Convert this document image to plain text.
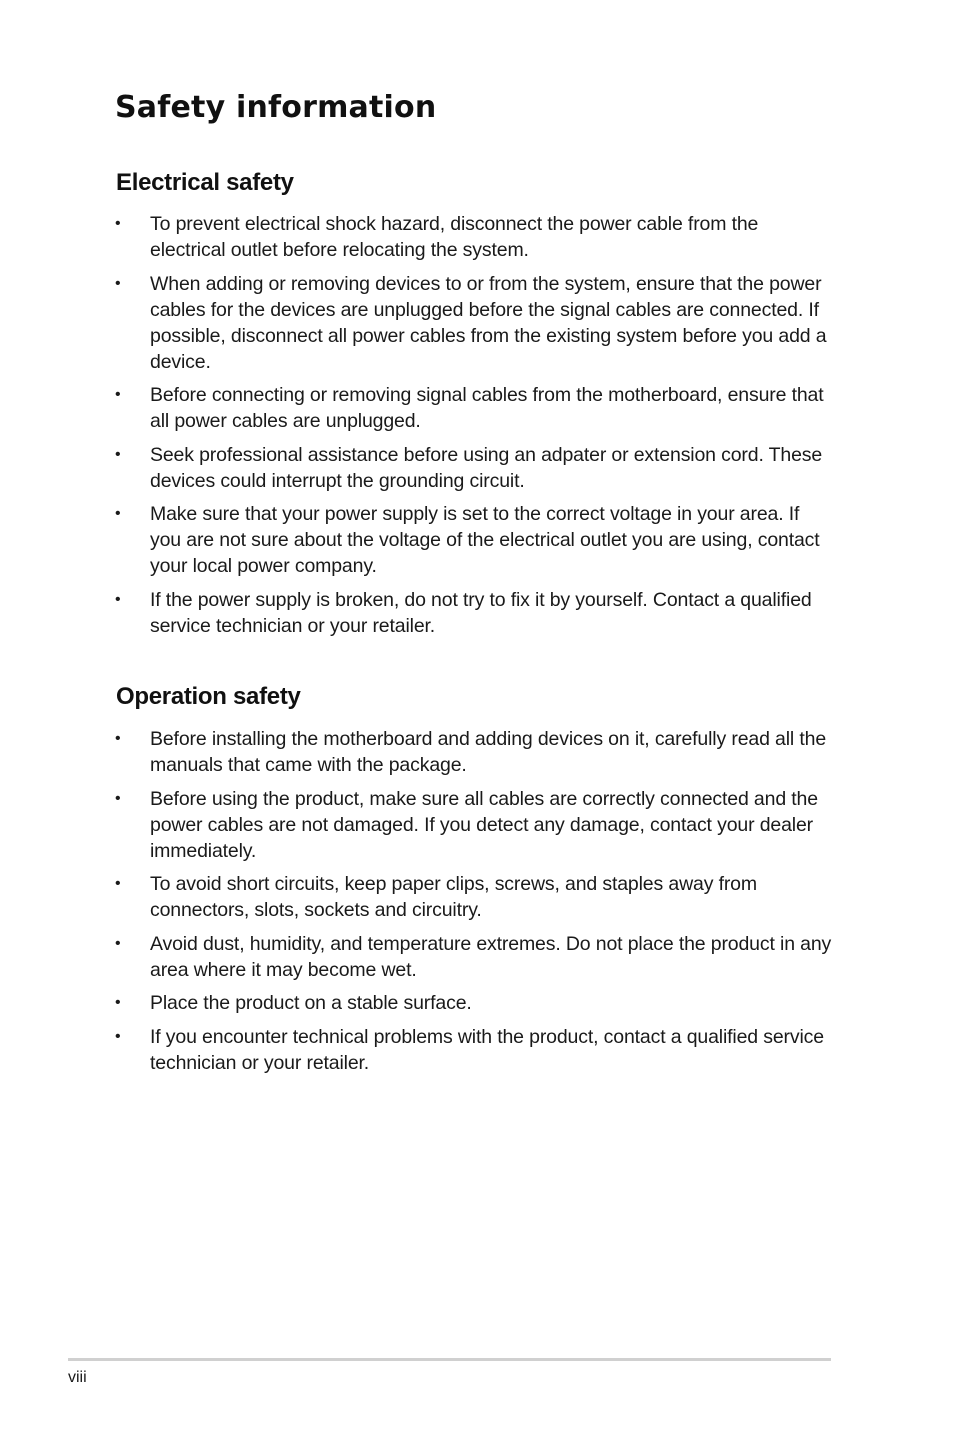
Safety information
Electrical safety
•	To prevent electrical shock hazard, disconnect the power cable from the electrical outlet before relocating the system.
•	When adding or removing devices to or from the system, ensure that the power cables for the devices are unplugged before the signal cables are connected. If possible, disconnect all power cables from the existing system before you add a device.
•	Before connecting or removing signal cables from the motherboard, ensure that all power cables are unplugged.
•	Seek professional assistance before using an adpater or extension cord. These devices could interrupt the grounding circuit.
•	Make sure that your power supply is set to the correct voltage in your area. If you are not sure about the voltage of the electrical outlet you are using, contact your local power company.
•	If the power supply is broken, do not try to fix it by yourself. Contact a qualified service technician or your retailer.
Operation safety
•	Before installing the motherboard and adding devices on it, carefully read all the manuals that came with the package.
•	Before using the product, make sure all cables are correctly connected and the power cables are not damaged. If you detect any damage, contact your dealer immediately.
•	To avoid short circuits, keep paper clips, screws, and staples away from connectors, slots, sockets and circuitry.
•	Avoid dust, humidity, and temperature extremes. Do not place the product in any area where it may become wet.
•	Place the product on a stable surface.
•	If you encounter technical problems with the product, contact a qualified service technician or your retailer.
viii
